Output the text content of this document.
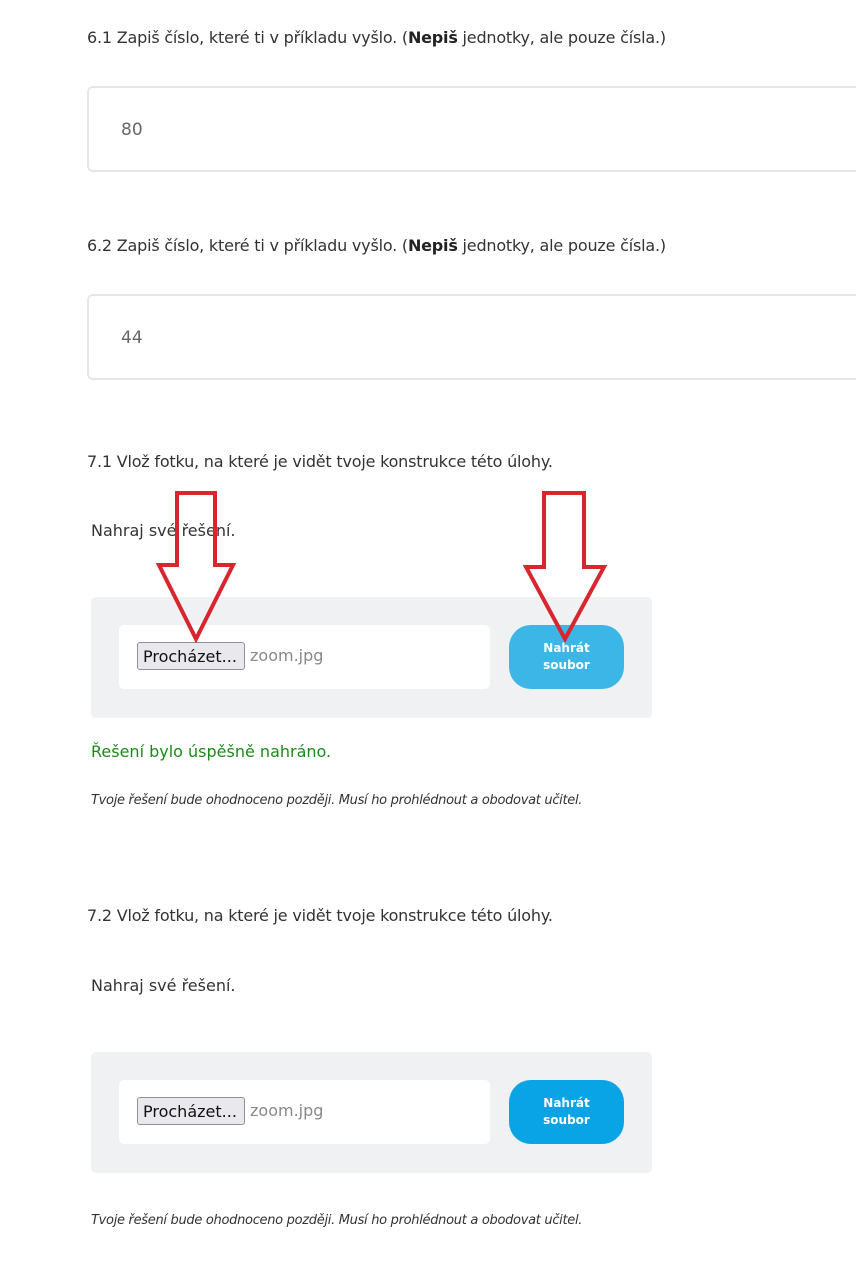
6.1 Zapiš číslo, které ti v příkladu vyšlo. (Nepiš jednotky, ale pouze čísla.)

80

6.2 Zapiš číslo, které ti v příkladu vyšlo. (Nepiš jednotky, ale pouze čísla.)

44

7.1 Vlož fotku, na které je vidět tvoje konstrukce této úlohy.

Nahraj své řešení.

Procházet... zoom.jpg	Nahrát soubor

Řešení bylo úspěšně nahráno.

Tvoje řešení bude ohodnoceno později. Musí ho prohlédnout a obodovat učitel.

7.2 Vlož fotku, na které je vidět tvoje konstrukce této úlohy.

Nahraj své řešení.

Procházet... zoom.jpg	Nahrát soubor

Tvoje řešení bude ohodnoceno později. Musí ho prohlédnout a obodovat učitel.
